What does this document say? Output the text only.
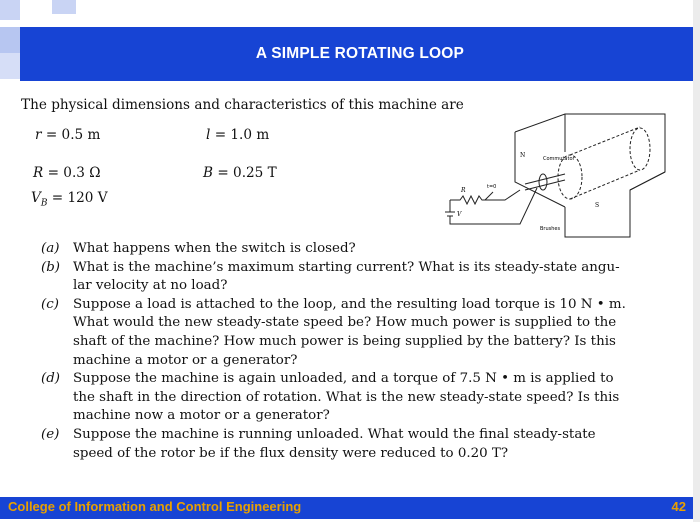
A SIMPLE ROTATING LOOP
The physical dimensions and characteristics of this machine are
r = 0.5 m	l = 1.0 m
R = 0.3 Ω	B = 0.25 T
$V_B = 120$ V
Commutator
Brushes
t=0
R
V
N
S
(a) What happens when the switch is closed?
(b) What is the machine’s maximum starting current? What is its steady-state angu-
lar velocity at no load?
(c) Suppose a load is attached to the loop, and the resulting load torque is 10 N • m.
What would the new steady-state speed be? How much power is supplied to the
shaft of the machine? How much power is being supplied by the battery? Is this
machine a motor or a generator?
(d) Suppose the machine is again unloaded, and a torque of 7.5 N • m is applied to
the shaft in the direction of rotation. What is the new steady-state speed? Is this
machine now a motor or a generator?
(e) Suppose the machine is running unloaded. What would the final steady-state
speed of the rotor be if the flux density were reduced to 0.20 T?
College of Information and Control Engineering	42
